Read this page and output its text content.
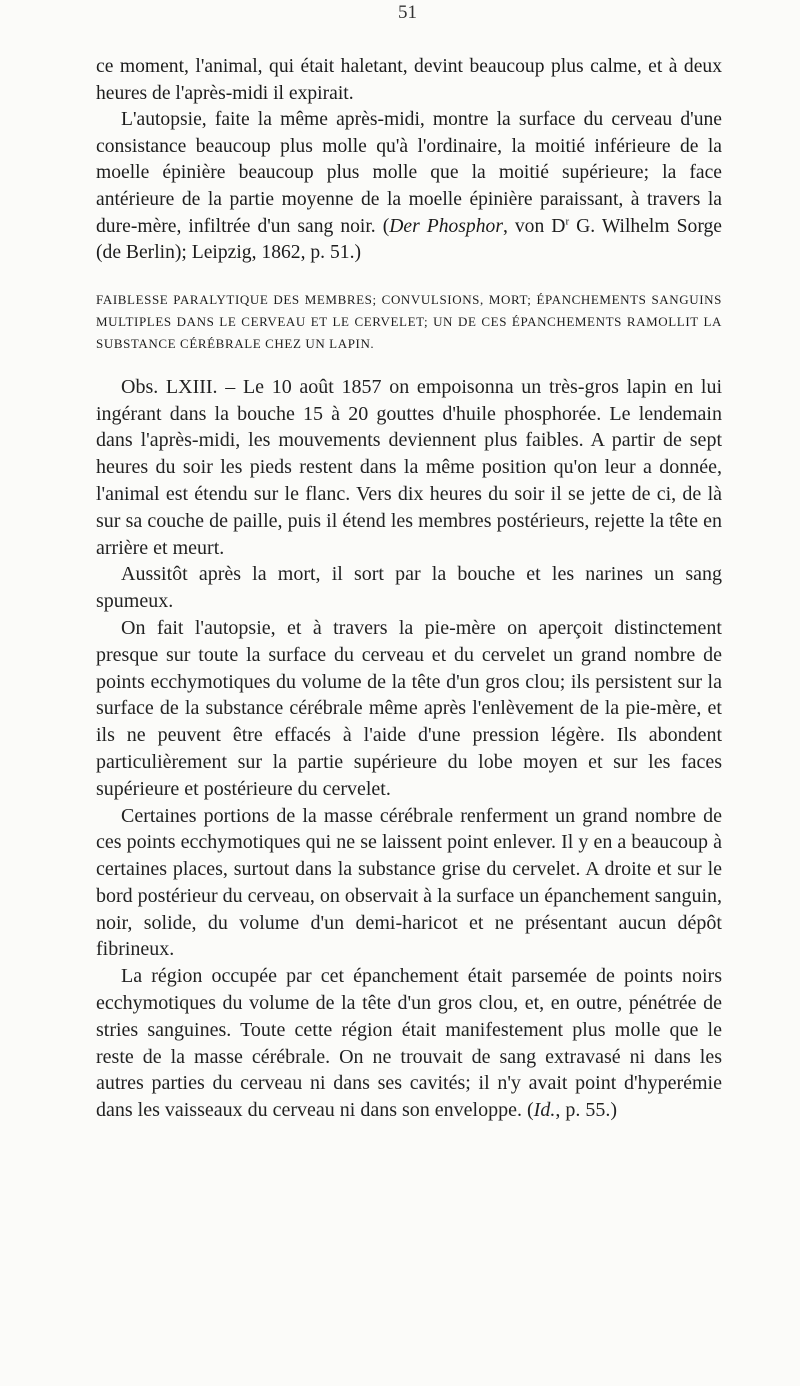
51

ce moment, l'animal, qui était haletant, devint beaucoup plus calme, et à deux heures de l'après-midi il expirait.

L'autopsie, faite la même après-midi, montre la surface du cerveau d'une consistance beaucoup plus molle qu'à l'ordinaire, la moitié inférieure de la moelle épinière beaucoup plus molle que la moitié supérieure; la face antérieure de la partie moyenne de la moelle épinière paraissant, à travers la dure-mère, infiltrée d'un sang noir. (Der Phosphor, von $D^r$ G. Wilhelm Sorge (de Berlin); Leipzig, 1862, p. 51.)

FAIBLESSE PARALYTIQUE DES MEMBRES; CONVULSIONS, MORT; ÉPANCHEMENTS SANGUINS MULTIPLES DANS LE CERVEAU ET LE CERVELET; UN DE CES ÉPANCHEMENTS RAMOLLIT LA SUBSTANCE CÉRÉBRALE CHEZ UN LAPIN.

Obs. LXIII. – Le 10 août 1857 on empoisonna un très-gros lapin en lui ingérant dans la bouche 15 à 20 gouttes d'huile phosphorée. Le lendemain dans l'après-midi, les mouvements deviennent plus faibles. A partir de sept heures du soir les pieds restent dans la même position qu'on leur a donnée, l'animal est étendu sur le flanc. Vers dix heures du soir il se jette de ci, de là sur sa couche de paille, puis il étend les membres postérieurs, rejette la tête en arrière et meurt.

Aussitôt après la mort, il sort par la bouche et les narines un sang spumeux.

On fait l'autopsie, et à travers la pie-mère on aperçoit distinctement presque sur toute la surface du cerveau et du cervelet un grand nombre de points ecchymotiques du volume de la tête d'un gros clou; ils persistent sur la surface de la substance cérébrale même après l'enlèvement de la pie-mère, et ils ne peuvent être effacés à l'aide d'une pression légère. Ils abondent particulièrement sur la partie supérieure du lobe moyen et sur les faces supérieure et postérieure du cervelet.

Certaines portions de la masse cérébrale renferment un grand nombre de ces points ecchymotiques qui ne se laissent point enlever. Il y en a beaucoup à certaines places, surtout dans la substance grise du cervelet. A droite et sur le bord postérieur du cerveau, on observait à la surface un épanchement sanguin, noir, solide, du volume d'un demi-haricot et ne présentant aucun dépôt fibrineux.

La région occupée par cet épanchement était parsemée de points noirs ecchymotiques du volume de la tête d'un gros clou, et, en outre, pénétrée de stries sanguines. Toute cette région était manifestement plus molle que le reste de la masse cérébrale. On ne trouvait de sang extravasé ni dans les autres parties du cerveau ni dans ses cavités; il n'y avait point d'hyperémie dans les vaisseaux du cerveau ni dans son enveloppe. (Id., p. 55.)
